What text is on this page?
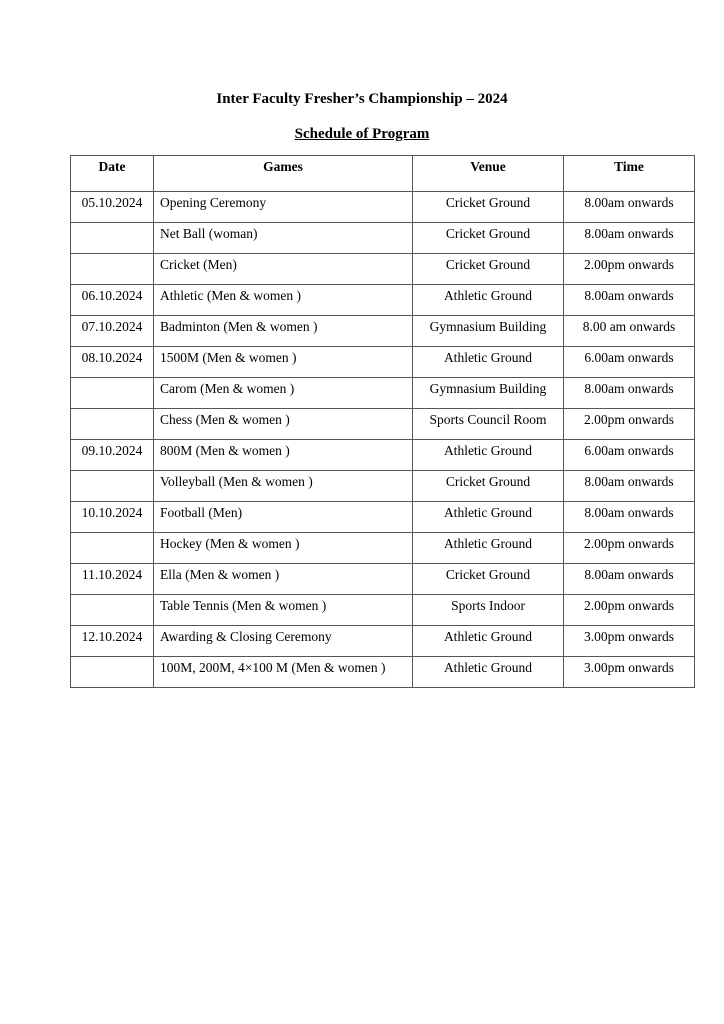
Inter Faculty Fresher’s Championship – 2024
Schedule of Program
Date	Games	Venue	Time
05.10.2024	Opening Ceremony	Cricket Ground	8.00am onwards
	Net Ball (woman)	Cricket Ground	8.00am onwards
	Cricket (Men)	Cricket Ground	2.00pm onwards
06.10.2024	Athletic (Men & women )	Athletic Ground	8.00am onwards
07.10.2024	Badminton (Men & women )	Gymnasium Building	8.00 am onwards
08.10.2024	1500M (Men & women )	Athletic Ground	6.00am onwards
	Carom (Men & women )	Gymnasium Building	8.00am onwards
	Chess (Men & women )	Sports Council Room	2.00pm onwards
09.10.2024	800M (Men & women )	Athletic Ground	6.00am onwards
	Volleyball (Men & women )	Cricket Ground	8.00am onwards
10.10.2024	Football (Men)	Athletic Ground	8.00am onwards
	Hockey (Men & women )	Athletic Ground	2.00pm onwards
11.10.2024	Ella (Men & women )	Cricket Ground	8.00am onwards
	Table Tennis (Men & women )	Sports Indoor	2.00pm onwards
12.10.2024	Awarding & Closing Ceremony	Athletic Ground	3.00pm onwards
	100M, 200M, 4×100 M (Men & women )	Athletic Ground	3.00pm onwards
